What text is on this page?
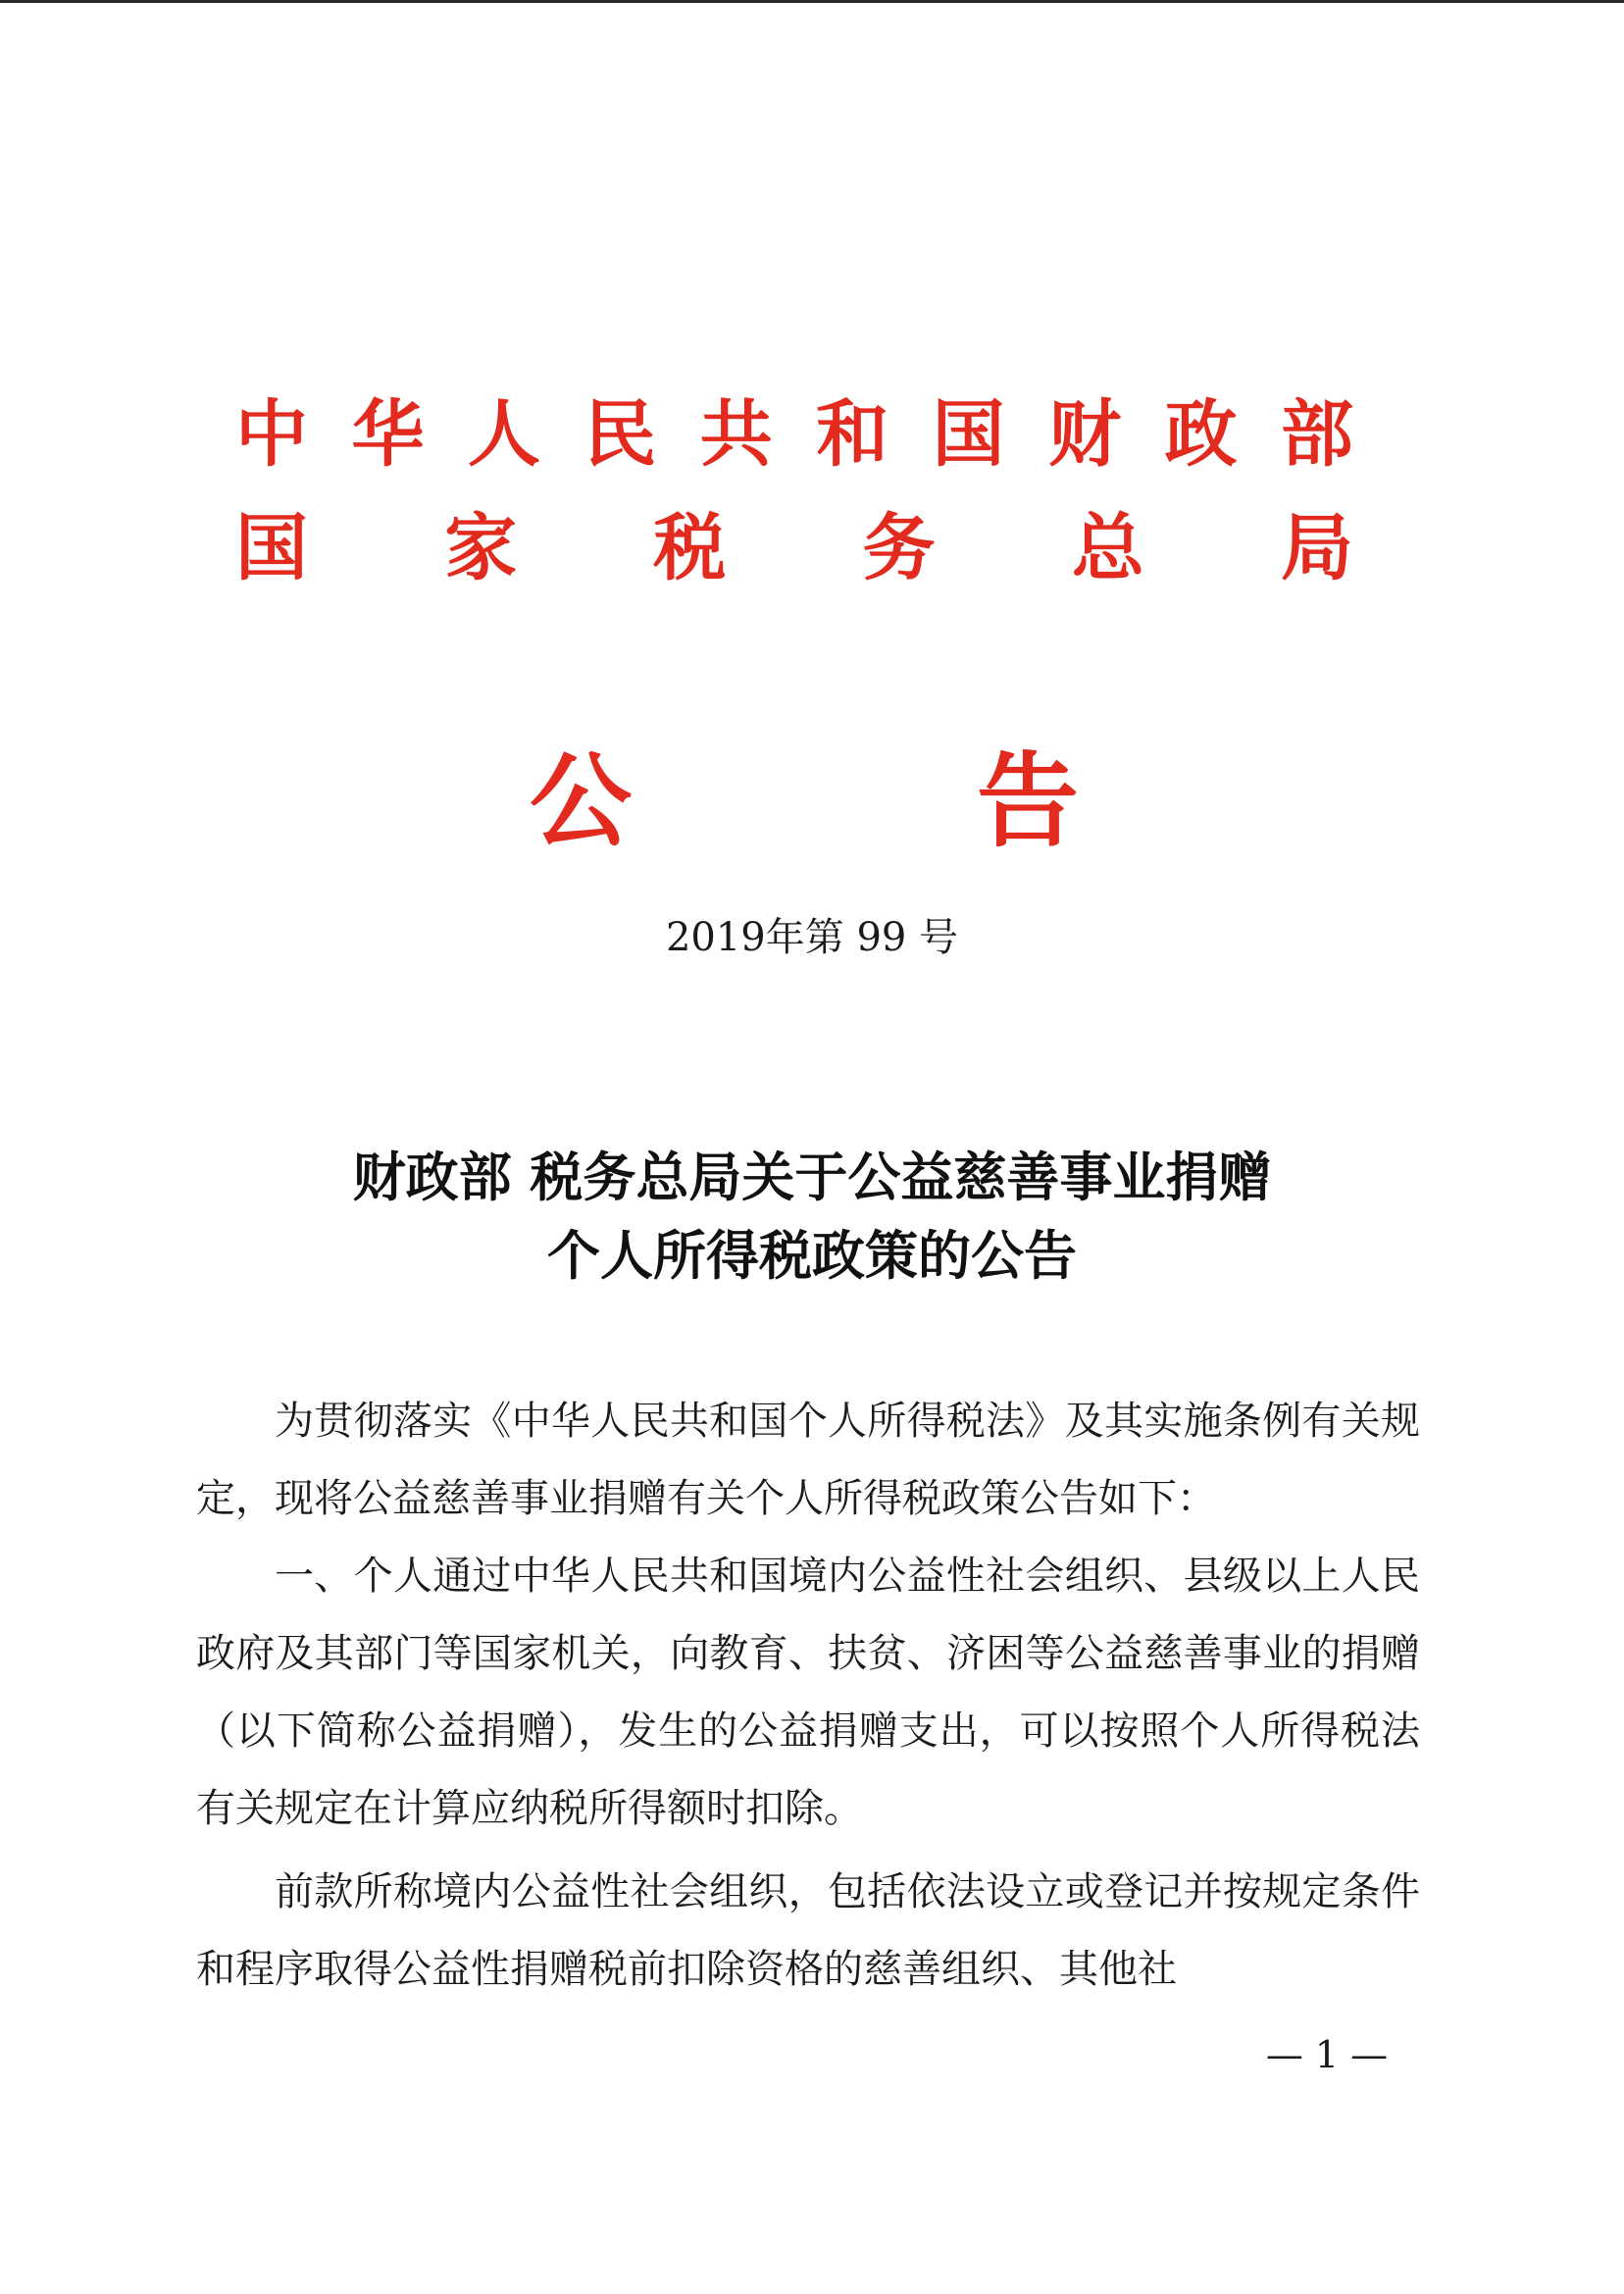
中 华 人 民 共 和 国 财 政 部
国 家 税 务 总 局
公	告
2019年第 99 号
财政部 税务总局关于公益慈善事业捐赠
个人所得税政策的公告

为贯彻落实《中华人民共和国个人所得税法》及其实施条例有关规定，现将公益慈善事业捐赠有关个人所得税政策公告如下：

一、个人通过中华人民共和国境内公益性社会组织、县级以上人民政府及其部门等国家机关，向教育、扶贫、济困等公益慈善事业的捐赠（以下简称公益捐赠），发生的公益捐赠支出，可以按照个人所得税法有关规定在计算应纳税所得额时扣除。

前款所称境内公益性社会组织，包括依法设立或登记并按规定条件和程序取得公益性捐赠税前扣除资格的慈善组织、其他社

— 1 —
